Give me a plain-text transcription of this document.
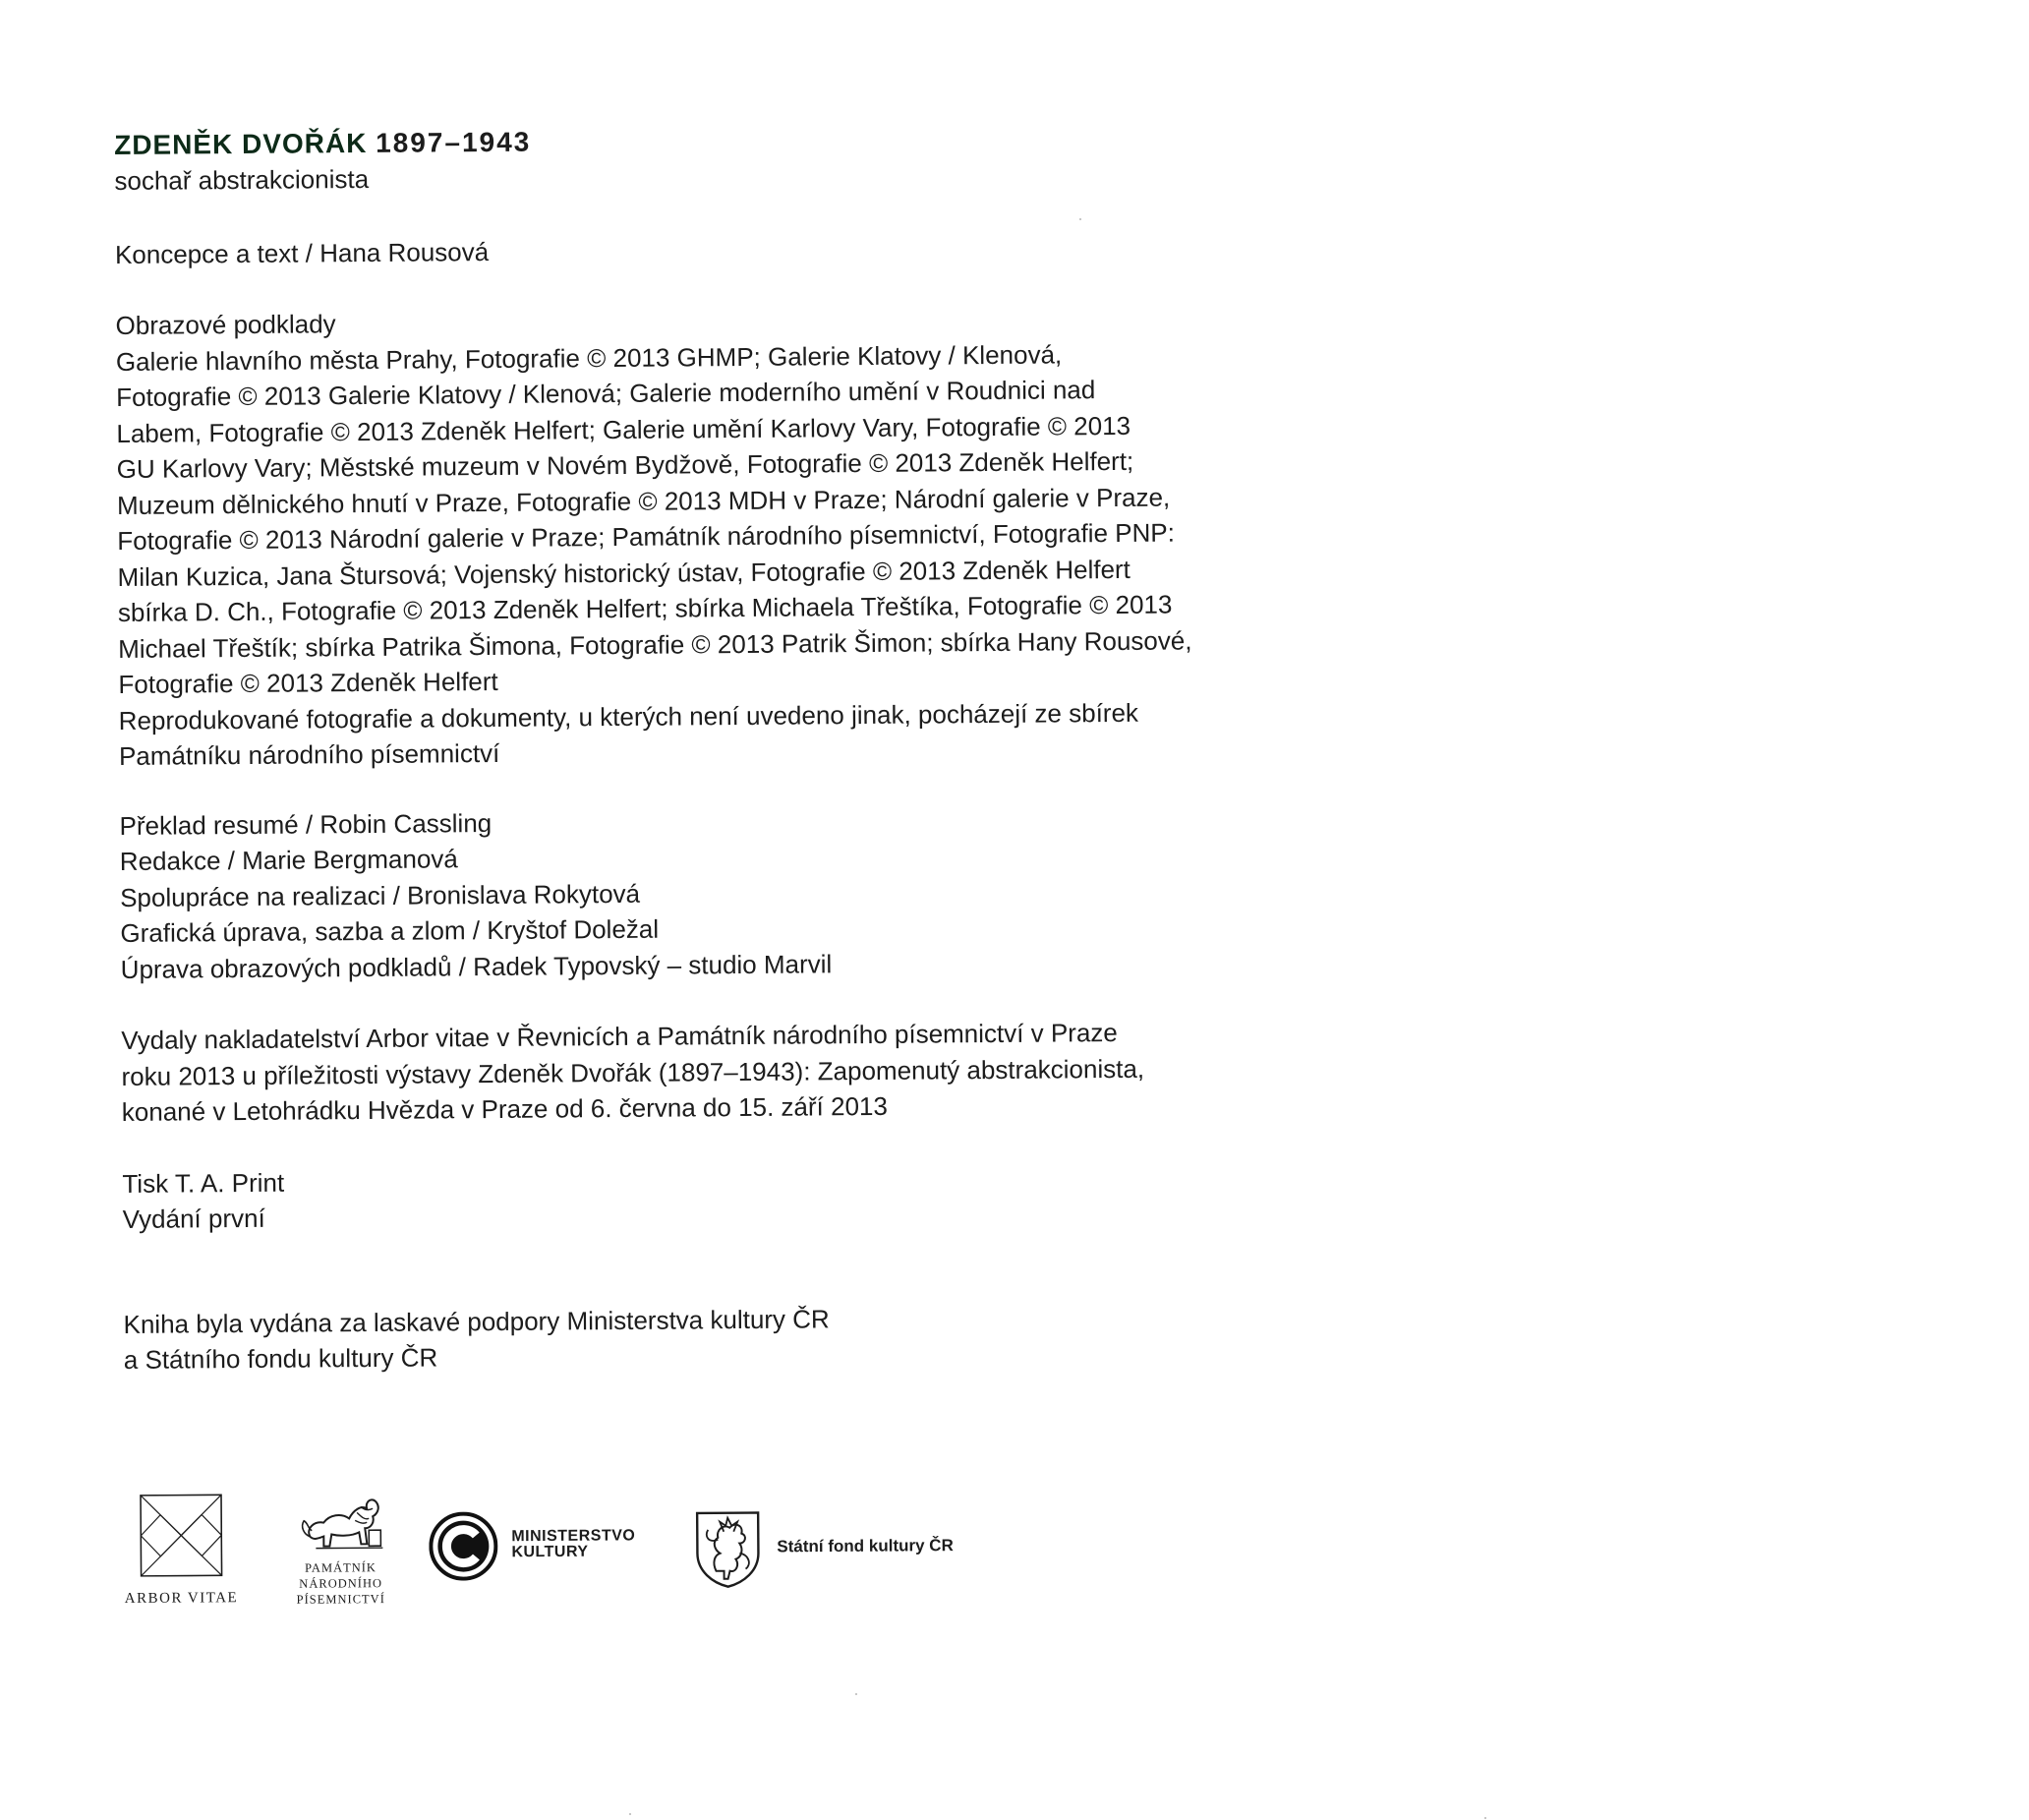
ZDENĚK DVOŘÁK 1897–1943
sochař abstrakcionista
Koncepce a text / Hana Rousová
Obrazové podklady
Galerie hlavního města Prahy, Fotografie © 2013 GHMP; Galerie Klatovy / Klenová,
Fotografie © 2013 Galerie Klatovy / Klenová; Galerie moderního umění v Roudnici nad
Labem, Fotografie © 2013 Zdeněk Helfert; Galerie umění Karlovy Vary, Fotografie © 2013
GU Karlovy Vary; Městské muzeum v Novém Bydžově, Fotografie © 2013 Zdeněk Helfert;
Muzeum dělnického hnutí v Praze, Fotografie © 2013 MDH v Praze; Národní galerie v Praze,
Fotografie © 2013 Národní galerie v Praze; Památník národního písemnictví, Fotografie PNP:
Milan Kuzica, Jana Štursová; Vojenský historický ústav, Fotografie © 2013 Zdeněk Helfert
sbírka D. Ch., Fotografie © 2013 Zdeněk Helfert; sbírka Michaela Třeštíka, Fotografie © 2013
Michael Třeštík; sbírka Patrika Šimona, Fotografie © 2013 Patrik Šimon; sbírka Hany Rousové,
Fotografie © 2013 Zdeněk Helfert
Reprodukované fotografie a dokumenty, u kterých není uvedeno jinak, pocházejí ze sbírek
Památníku národního písemnictví
Překlad resumé / Robin Cassling
Redakce / Marie Bergmanová
Spolupráce na realizaci / Bronislava Rokytová
Grafická úprava, sazba a zlom / Kryštof Doležal
Úprava obrazových podkladů / Radek Typovský – studio Marvil
Vydaly nakladatelství Arbor vitae v Řevnicích a Památník národního písemnictví v Praze
roku 2013 u příležitosti výstavy Zdeněk Dvořák (1897–1943): Zapomenutý abstrakcionista,
konané v Letohrádku Hvězda v Praze od 6. června do 15. září 2013
Tisk T. A. Print
Vydání první
Kniha byla vydána za laskavé podpory Ministerstva kultury ČR
a Státního fondu kultury ČR
ARBOR VITAE
PAMÁTNÍK
NÁRODNÍHO
PÍSEMNICTVÍ
MINISTERSTVO
KULTURY	Státní fond kultury ČR
